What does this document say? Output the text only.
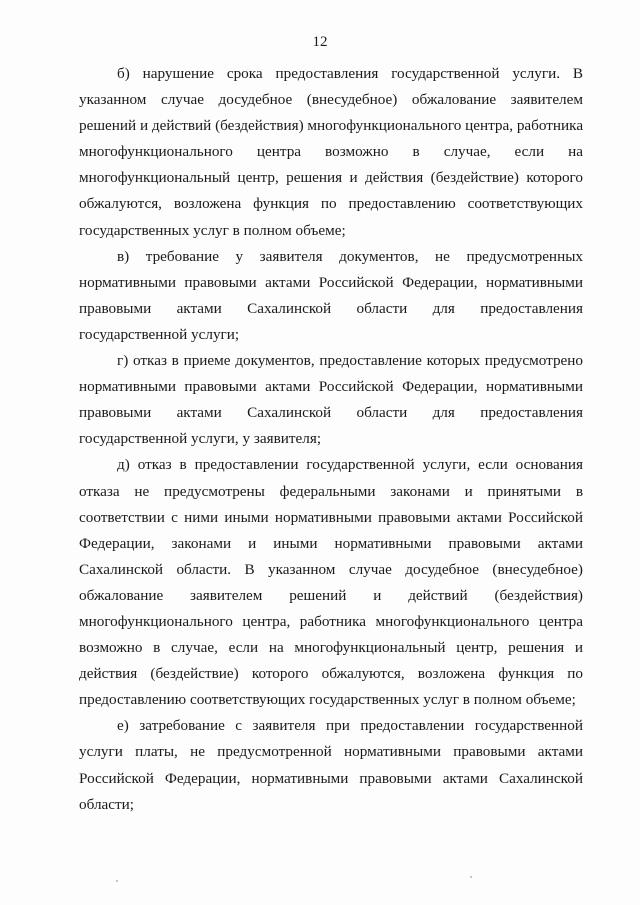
12

б) нарушение срока предоставления государственной услуги. В
указанном случае досудебное (внесудебное) обжалование заявителем
решений и действий (бездействия) многофункционального центра, работника
многофункционального центра возможно в случае, если на
многофункциональный центр, решения и действия (бездействие) которого
обжалуются, возложена функция по предоставлению соответствующих
государственных услуг в полном объеме;

в) требование у заявителя документов, не предусмотренных
нормативными правовыми актами Российской Федерации, нормативными
правовыми актами Сахалинской области для предоставления
государственной услуги;

г) отказ в приеме документов, предоставление которых предусмотрено
нормативными правовыми актами Российской Федерации, нормативными
правовыми актами Сахалинской области для предоставления
государственной услуги, у заявителя;

д) отказ в предоставлении государственной услуги, если основания
отказа не предусмотрены федеральными законами и принятыми в
соответствии с ними иными нормативными правовыми актами Российской
Федерации, законами и иными нормативными правовыми актами
Сахалинской области. В указанном случае досудебное (внесудебное)
обжалование заявителем решений и действий (бездействия)
многофункционального центра, работника многофункционального центра
возможно в случае, если на многофункциональный центр, решения и
действия (бездействие) которого обжалуются, возложена функция по
предоставлению соответствующих государственных услуг в полном объеме;

е) затребование с заявителя при предоставлении государственной
услуги платы, не предусмотренной нормативными правовыми актами
Российской Федерации, нормативными правовыми актами Сахалинской
области;
